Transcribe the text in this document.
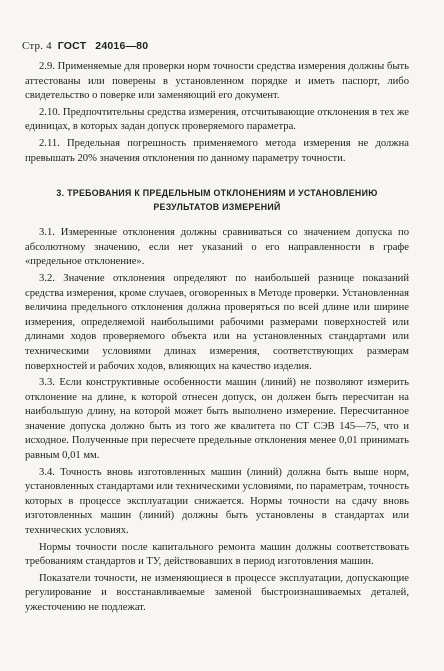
Стр. 4 ГОСТ 24016—80

2.9. Применяемые для проверки норм точности средства измерения должны быть аттестованы или поверены в установленном порядке и иметь паспорт, либо свидетельство о поверке или заменяющий его документ.

2.10. Предпочтительны средства измерения, отсчитывающие отклонения в тех же единицах, в которых задан допуск проверяемого параметра.

2.11. Предельная погрешность применяемого метода измерения не должна превышать 20% значения отклонения по данному параметру точности.

3. ТРЕБОВАНИЯ К ПРЕДЕЛЬНЫМ ОТКЛОНЕНИЯМ И УСТАНОВЛЕНИЮ
РЕЗУЛЬТАТОВ ИЗМЕРЕНИЙ

3.1. Измеренные отклонения должны сравниваться со значением допуска по абсолютному значению, если нет указаний о его направленности в графе «предельное отклонение».

3.2. Значение отклонения определяют по наибольшей разнице показаний средства измерения, кроме случаев, оговоренных в Методе проверки. Установленная величина предельного отклонения должна проверяться по всей длине или ширине измерения, определяемой наибольшими рабочими размерами поверхностей или длинами ходов проверяемого объекта или на установленных стандартами или техническими условиями длинах измерения, соответствующих размерам поверхностей и рабочих ходов, влияющих на качество изделия.

3.3. Если конструктивные особенности машин (линий) не позволяют измерить отклонение на длине, к которой отнесен допуск, он должен быть пересчитан на наибольшую длину, на которой может быть выполнено измерение. Пересчитанное значение допуска должно быть из того же квалитета по СТ СЭВ 145—75, что и исходное. Полученные при пересчете предельные отклонения менее 0,01 принимать равным 0,01 мм.

3.4. Точность вновь изготовленных машин (линий) должна быть выше норм, установленных стандартами или техническими условиями, по параметрам, точность которых в процессе эксплуатации снижается. Нормы точности на сдачу вновь изготовленных машин (линий) должны быть установлены в стандартах или технических условиях.

Нормы точности после капитального ремонта машин должны соответствовать требованиям стандартов и ТУ, действовавших в период изготовления машин.

Показатели точности, не изменяющиеся в процессе эксплуатации, допускающие регулирование и восстанавливаемые заменой быстроизнашиваемых деталей, ужесточению не подлежат.
